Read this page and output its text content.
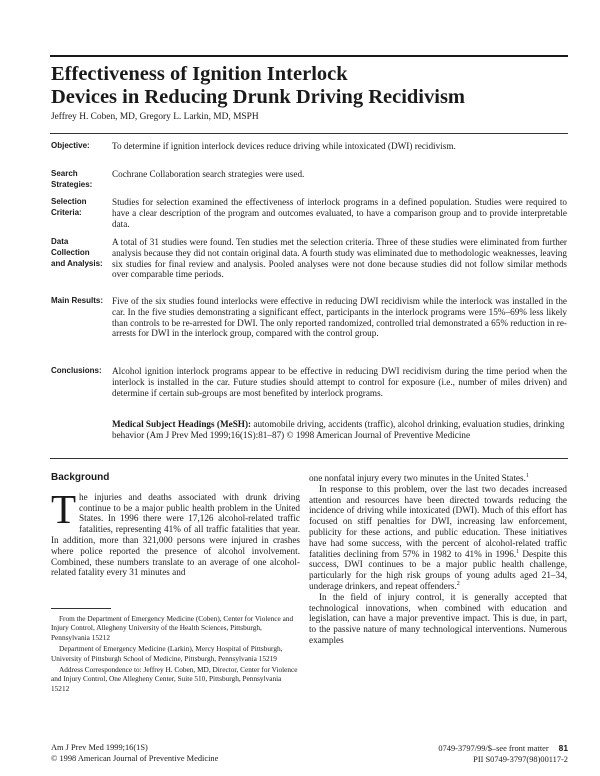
Effectiveness of Ignition Interlock
Devices in Reducing Drunk Driving Recidivism
Jeffrey H. Coben, MD, Gregory L. Larkin, MD, MSPH
Objective:	To determine if ignition interlock devices reduce driving while intoxicated (DWI) recidivism.
Search
Strategies:
Cochrane Collaboration search strategies were used.
Selection
Criteria:
Studies for selection examined the effectiveness of interlock programs in a defined population. Studies were required to have a clear description of the program and outcomes evaluated, to have a comparison group and to provide interpretable data.
Data
Collection
and Analysis:
A total of 31 studies were found. Ten studies met the selection criteria. Three of these studies were eliminated from further analysis because they did not contain original data. A fourth study was eliminated due to methodologic weaknesses, leaving six studies for final review and analysis. Pooled analyses were not done because studies did not follow similar methods over comparable time periods.
Main Results: Five of the six studies found interlocks were effective in reducing DWI recidivism while the interlock was installed in the car. In the five studies demonstrating a significant effect, participants in the interlock programs were 15%–69% less likely than controls to be re-arrested for DWI. The only reported randomized, controlled trial demonstrated a 65% reduction in re-arrests for DWI in the interlock group, compared with the control group.
Conclusions:	Alcohol ignition interlock programs appear to be effective in reducing DWI recidivism during the time period when the interlock is installed in the car. Future studies should attempt to control for exposure (i.e., number of miles driven) and determine if certain sub-groups are most benefited by interlock programs.
Medical Subject Headings (MeSH): automobile driving, accidents (traffic), alcohol drinking, evaluation studies, drinking behavior (Am J Prev Med 1999;16(1S):81–87) © 1998 American Journal of Preventive Medicine
Background

The injuries and deaths associated with drunk driving continue to be a major public health problem in the United States. In 1996 there were 17,126 alcohol-related traffic fatalities, representing 41% of all traffic fatalities that year. In addition, more than 321,000 persons were injured in crashes where police reported the presence of alcohol involvement. Combined, these numbers translate to an average of one alcohol-related fatality every 31 minutes and

one nonfatal injury every two minutes in the United States.$^1$

In response to this problem, over the last two decades increased attention and resources have been directed towards reducing the incidence of driving while intoxicated (DWI). Much of this effort has focused on stiff penalties for DWI, increasing law enforcement, publicity for these actions, and public education. These initiatives have had some success, with the percent of alcohol-related traffic fatalities declining from 57% in 1982 to 41% in 1996.$^1$ Despite this success, DWI continues to be a major public health challenge, particularly for the high risk groups of young adults aged 21–34, underage drinkers, and repeat offenders.$^2$

In the field of injury control, it is generally accepted that technological innovations, when combined with education and legislation, can have a major preventive impact. This is due, in part, to the passive nature of many technological interventions. Numerous examples

From the Department of Emergency Medicine (Coben), Center for Violence and Injury Control, Allegheny University of the Health Sciences, Pittsburgh, Pennsylvania 15212

Department of Emergency Medicine (Larkin), Mercy Hospital of Pittsburgh, University of Pittsburgh School of Medicine, Pittsburgh, Pennsylvania 15219

Address Correspondence to: Jeffrey H. Coben, MD, Director, Center for Violence and Injury Control, One Allegheny Center, Suite 510, Pittsburgh, Pennsylvania 15212

Am J Prev Med 1999;16(1S)
© 1998 American Journal of Preventive Medicine
0749-3797/99/$–see front matter 81
PII S0749-3797(98)00117-2
